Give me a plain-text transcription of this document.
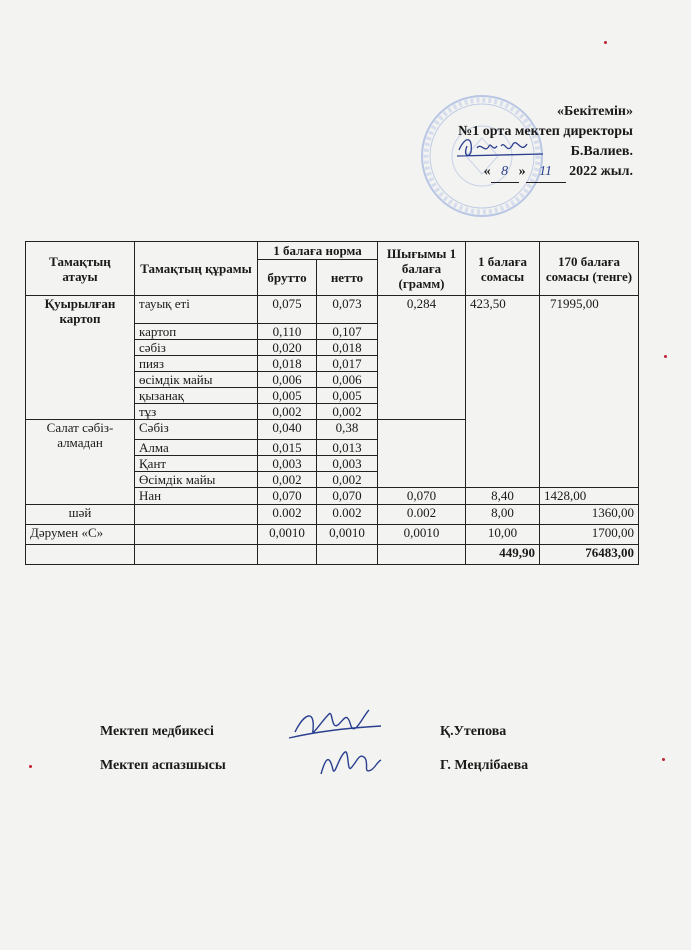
«Бекітемін»
№1 орта мектеп директоры
Б.Валиев.
« 8 » 11 2022 жыл.
Тамақтың атауы	Тамақтың құрамы	1 балаға норма		Шығымы 1 балаға (грамм)	1 балаға сомасы	170 балаға сомасы (тенге)
		брутто	нетто			
Қуырылған картоп	тауық еті	0,075	0,073	0,284	423,50	71995,00
	картоп	0,110	0,107			
	сәбіз	0,020	0,018			
	пияз	0,018	0,017			
	өсімдік майы	0,006	0,006			
	қызанақ	0,005	0,005			
	тұз	0,002	0,002			
Салат сәбіз-алмадан	Сәбіз	0,040	0,38			
	Алма	0,015	0,013			
	Қант	0,003	0,003			
	Өсімдік майы	0,002	0,002			
	Нан	0,070	0,070	0,070	8,40	1428,00
шәй		0.002	0.002	0.002	8,00	1360,00
Дәрумен «С»		0,0010	0,0010	0,0010	10,00	1700,00
					449,90	76483,00
Мектеп медбикесі	Қ.Утепова
Мектеп аспазшысы	Г. Меңлібаева
